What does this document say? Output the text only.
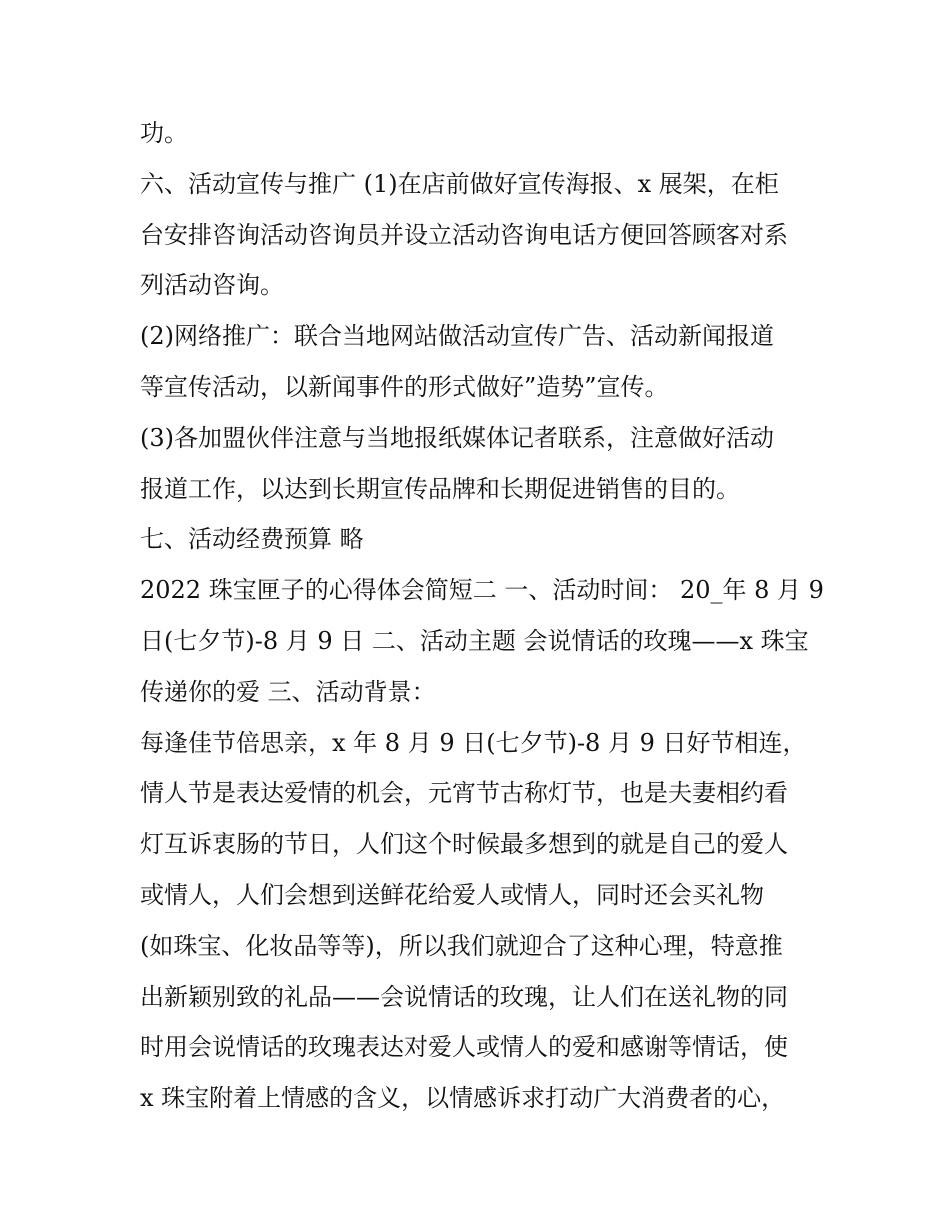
功。

六、活动宣传与推广 (1)在店前做好宣传海报、x 展架，在柜

台安排咨询活动咨询员并设立活动咨询电话方便回答顾客对系

列活动咨询。

(2)网络推广：联合当地网站做活动宣传广告、活动新闻报道

等宣传活动，以新闻事件的形式做好”造势”宣传。

(3)各加盟伙伴注意与当地报纸媒体记者联系，注意做好活动

报道工作，以达到长期宣传品牌和长期促进销售的目的。

七、活动经费预算 略

2022 珠宝匣子的心得体会简短二 一、活动时间： 20_年 8 月 9

日(七夕节)-8 月 9 日 二、活动主题 会说情话的玫瑰——x 珠宝

传递你的爱 三、活动背景：

每逢佳节倍思亲，x 年 8 月 9 日(七夕节)-8 月 9 日好节相连，

情人节是表达爱情的机会，元宵节古称灯节，也是夫妻相约看

灯互诉衷肠的节日，人们这个时候最多想到的就是自己的爱人

或情人，人们会想到送鲜花给爱人或情人，同时还会买礼物

(如珠宝、化妆品等等)，所以我们就迎合了这种心理，特意推

出新颖别致的礼品——会说情话的玫瑰，让人们在送礼物的同

时用会说情话的玫瑰表达对爱人或情人的爱和感谢等情话，使

x 珠宝附着上情感的含义，以情感诉求打动广大消费者的心，
